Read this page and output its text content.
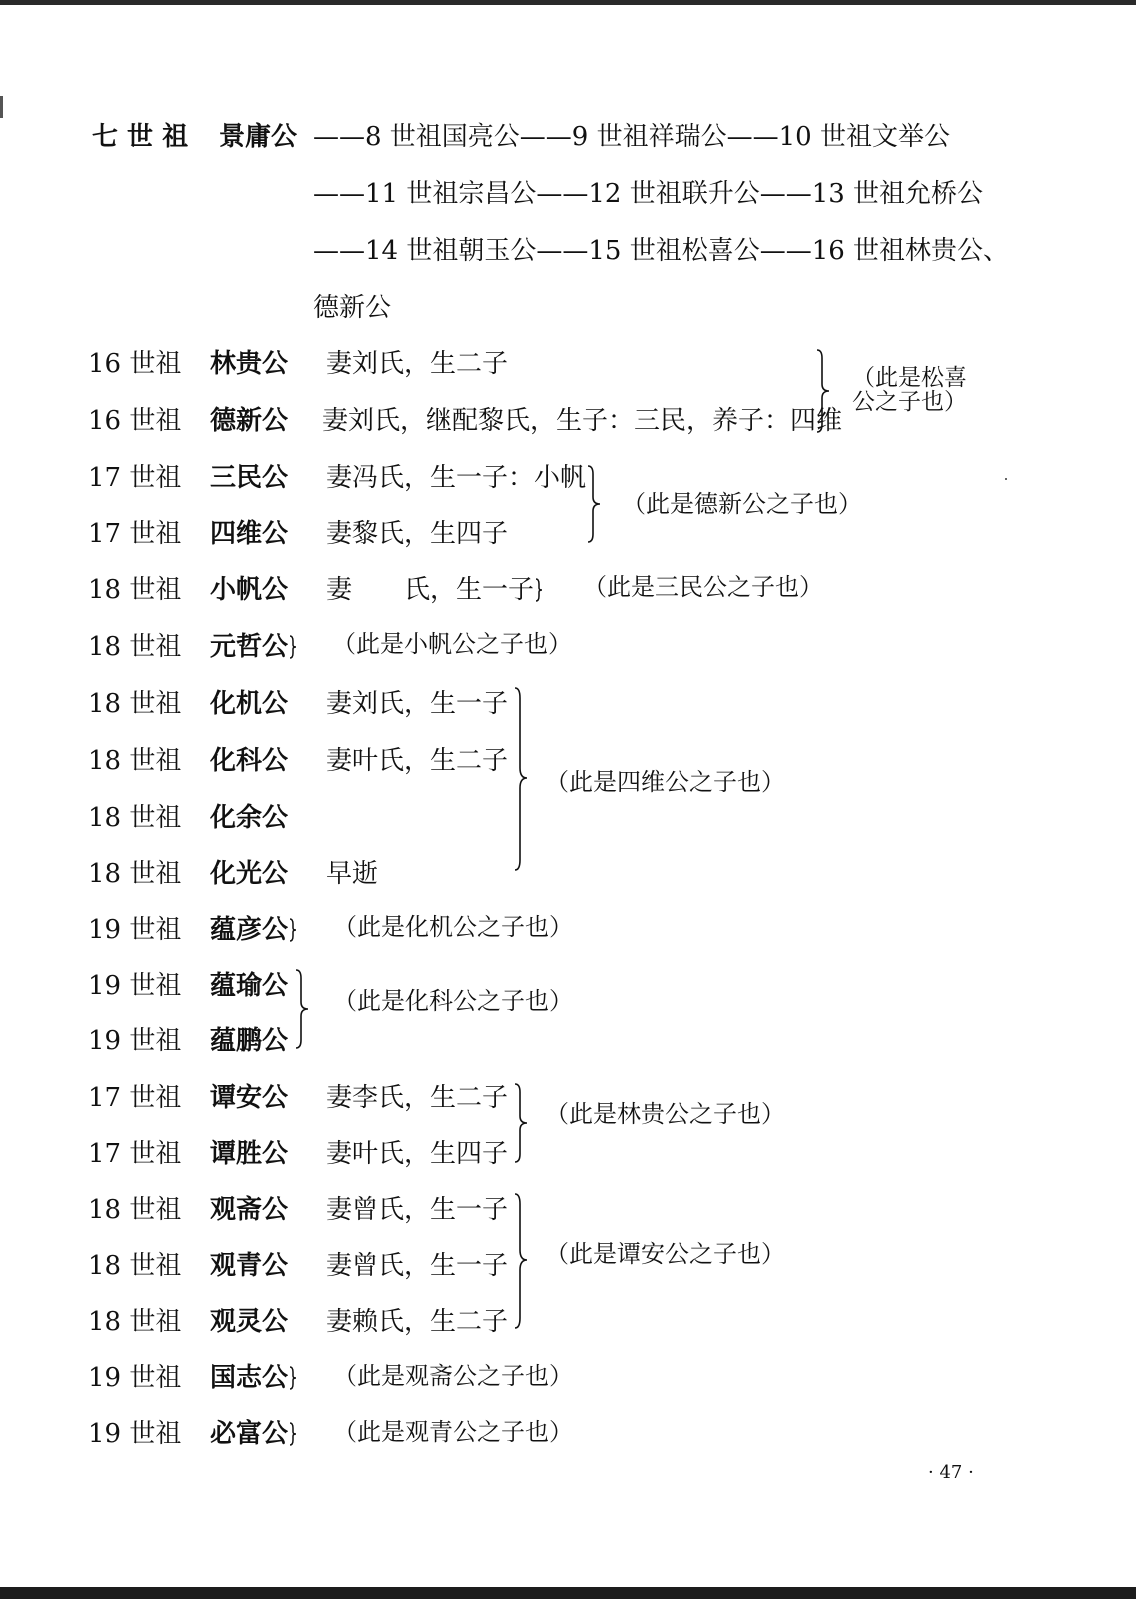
七 世 祖 景庸公 ——8 世祖国亮公——9 世祖祥瑞公——10 世祖文举公
——11 世祖宗昌公——12 世祖联升公——13 世祖允桥公
——14 世祖朝玉公——15 世祖松喜公——16 世祖林贵公、
德新公
16 世祖 林贵公 妻刘氏，生二子
16 世祖 德新公 妻刘氏，继配黎氏，生子：三民，养子：四维
17 世祖 三民公 妻冯氏，生一子：小帆
17 世祖 四维公 妻黎氏，生四子
18 世祖 小帆公 妻　　氏，生一子
18 世祖 元哲公
18 世祖 化机公 妻刘氏，生一子
18 世祖 化科公 妻叶氏，生二子
18 世祖 化余公
18 世祖 化光公 早逝
19 世祖 蕴彦公
19 世祖 蕴瑜公
19 世祖 蕴鹏公
17 世祖 谭安公 妻李氏，生二子
17 世祖 谭胜公 妻叶氏，生四子
18 世祖 观斋公 妻曾氏，生一子
18 世祖 观青公 妻曾氏，生一子
18 世祖 观灵公 妻赖氏，生二子
19 世祖 国志公
19 世祖 必富公
（此是松喜
公之子也）
（此是德新公之子也）
（此是三民公之子也）
（此是小帆公之子也）
（此是四维公之子也）
（此是化机公之子也）
（此是化科公之子也）
（此是林贵公之子也）
（此是谭安公之子也）
（此是观斋公之子也）
（此是观青公之子也）
· 47 ·
